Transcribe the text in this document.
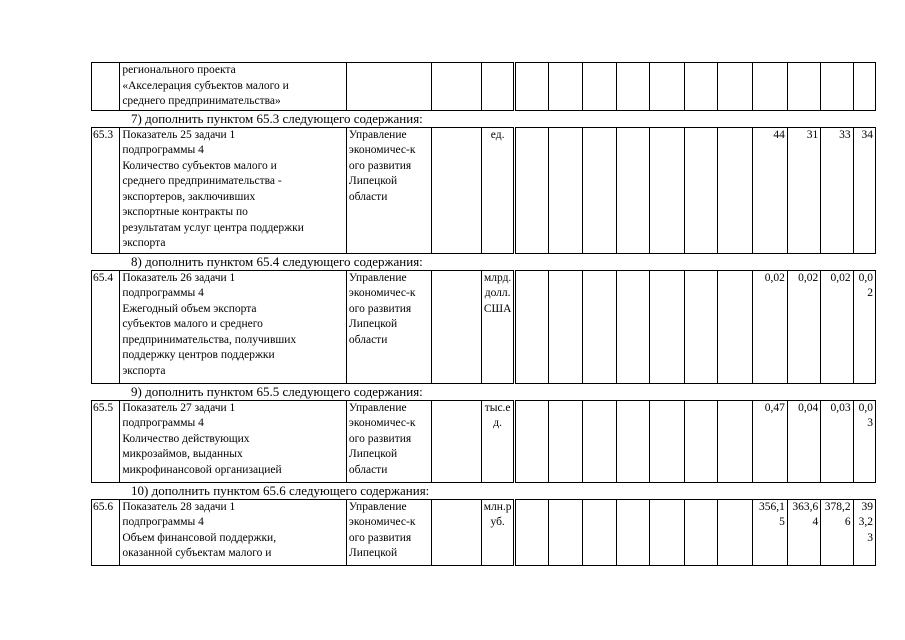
	регионального проекта
«Акселерация субъектов малого и
среднего предпринимательства»														
7) дополнить пунктом 65.3 следующего содержания:
65.3	Показатель 25 задачи 1
подпрограммы 4
Количество субъектов малого и
среднего предпринимательства -
экспортеров, заключивших
экспортные контракты по
результатам услуг центра поддержки
экспорта	Управление
экономичес-к
ого развития
Липецкой
области		ед.								44	31	33	34
8) дополнить пунктом 65.4 следующего содержания:
65.4	Показатель 26 задачи 1
подпрограммы 4
Ежегодный объем экспорта
субъектов малого и среднего
предпринимательства, получивших
поддержку центров поддержки
экспорта	Управление
экономичес-к
ого развития
Липецкой
области		млрд.долл.США								0,02	0,02	0,02	0,02
9) дополнить пунктом 65.5 следующего содержания:
65.5	Показатель 27 задачи 1
подпрограммы 4
Количество действующих
микрозаймов, выданных
микрофинансовой организацией	Управление
экономичес-к
ого развития
Липецкой
области		тыс.ед.								0,47	0,04	0,03	0,03
10) дополнить пунктом 65.6 следующего содержания:
65.6	Показатель 28 задачи 1
подпрограммы 4
Объем финансовой поддержки,
оказанной субъектам малого и	Управление
экономичес-к
ого развития
Липецкой		млн.руб.								356,15	363,64	378,26	393,23
